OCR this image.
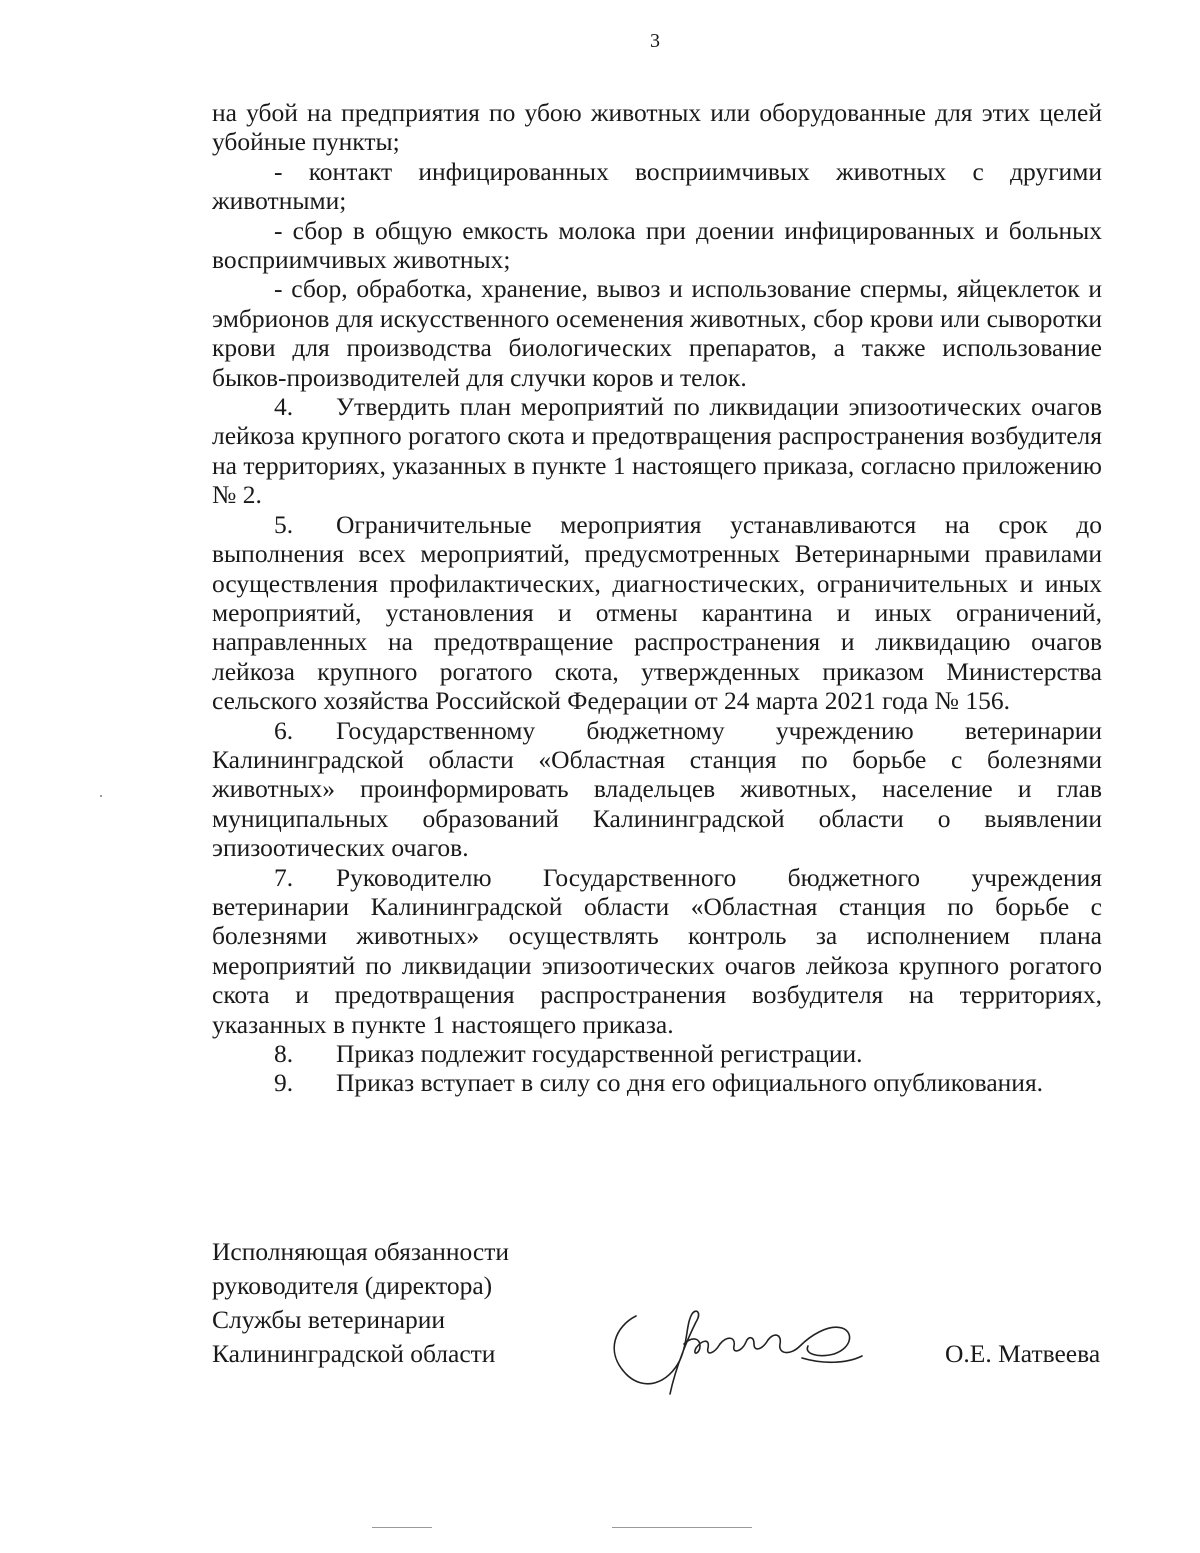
3

на убой на предприятия по убою животных или оборудованные для этих целей убойные пункты;

- контакт инфицированных восприимчивых животных с другими животными;

- сбор в общую емкость молока при доении инфицированных и больных восприимчивых животных;

- сбор, обработка, хранение, вывоз и использование спермы, яйцеклеток и эмбрионов для искусственного осеменения животных, сбор крови или сыворотки крови для производства биологических препаратов, а также использование быков-производителей для случки коров и телок.

4. Утвердить план мероприятий по ликвидации эпизоотических очагов лейкоза крупного рогатого скота и предотвращения распространения возбудителя на территориях, указанных в пункте 1 настоящего приказа, согласно приложению № 2.

5. Ограничительные мероприятия устанавливаются на срок до выполнения всех мероприятий, предусмотренных Ветеринарными правилами осуществления профилактических, диагностических, ограничительных и иных мероприятий, установления и отмены карантина и иных ограничений, направленных на предотвращение распространения и ликвидацию очагов лейкоза крупного рогатого скота, утвержденных приказом Министерства сельского хозяйства Российской Федерации от 24 марта 2021 года № 156.

6. Государственному бюджетному учреждению ветеринарии Калининградской области «Областная станция по борьбе с болезнями животных» проинформировать владельцев животных, население и глав муниципальных образований Калининградской области о выявлении эпизоотических очагов.

7. Руководителю Государственного бюджетного учреждения ветеринарии Калининградской области «Областная станция по борьбе с болезнями животных» осуществлять контроль за исполнением плана мероприятий по ликвидации эпизоотических очагов лейкоза крупного рогатого скота и предотвращения распространения возбудителя на территориях, указанных в пункте 1 настоящего приказа.

8. Приказ подлежит государственной регистрации.

9. Приказ вступает в силу со дня его официального опубликования.

Исполняющая обязанности
руководителя (директора)
Службы ветеринарии
Калининградской области	О.Е. Матвеева
